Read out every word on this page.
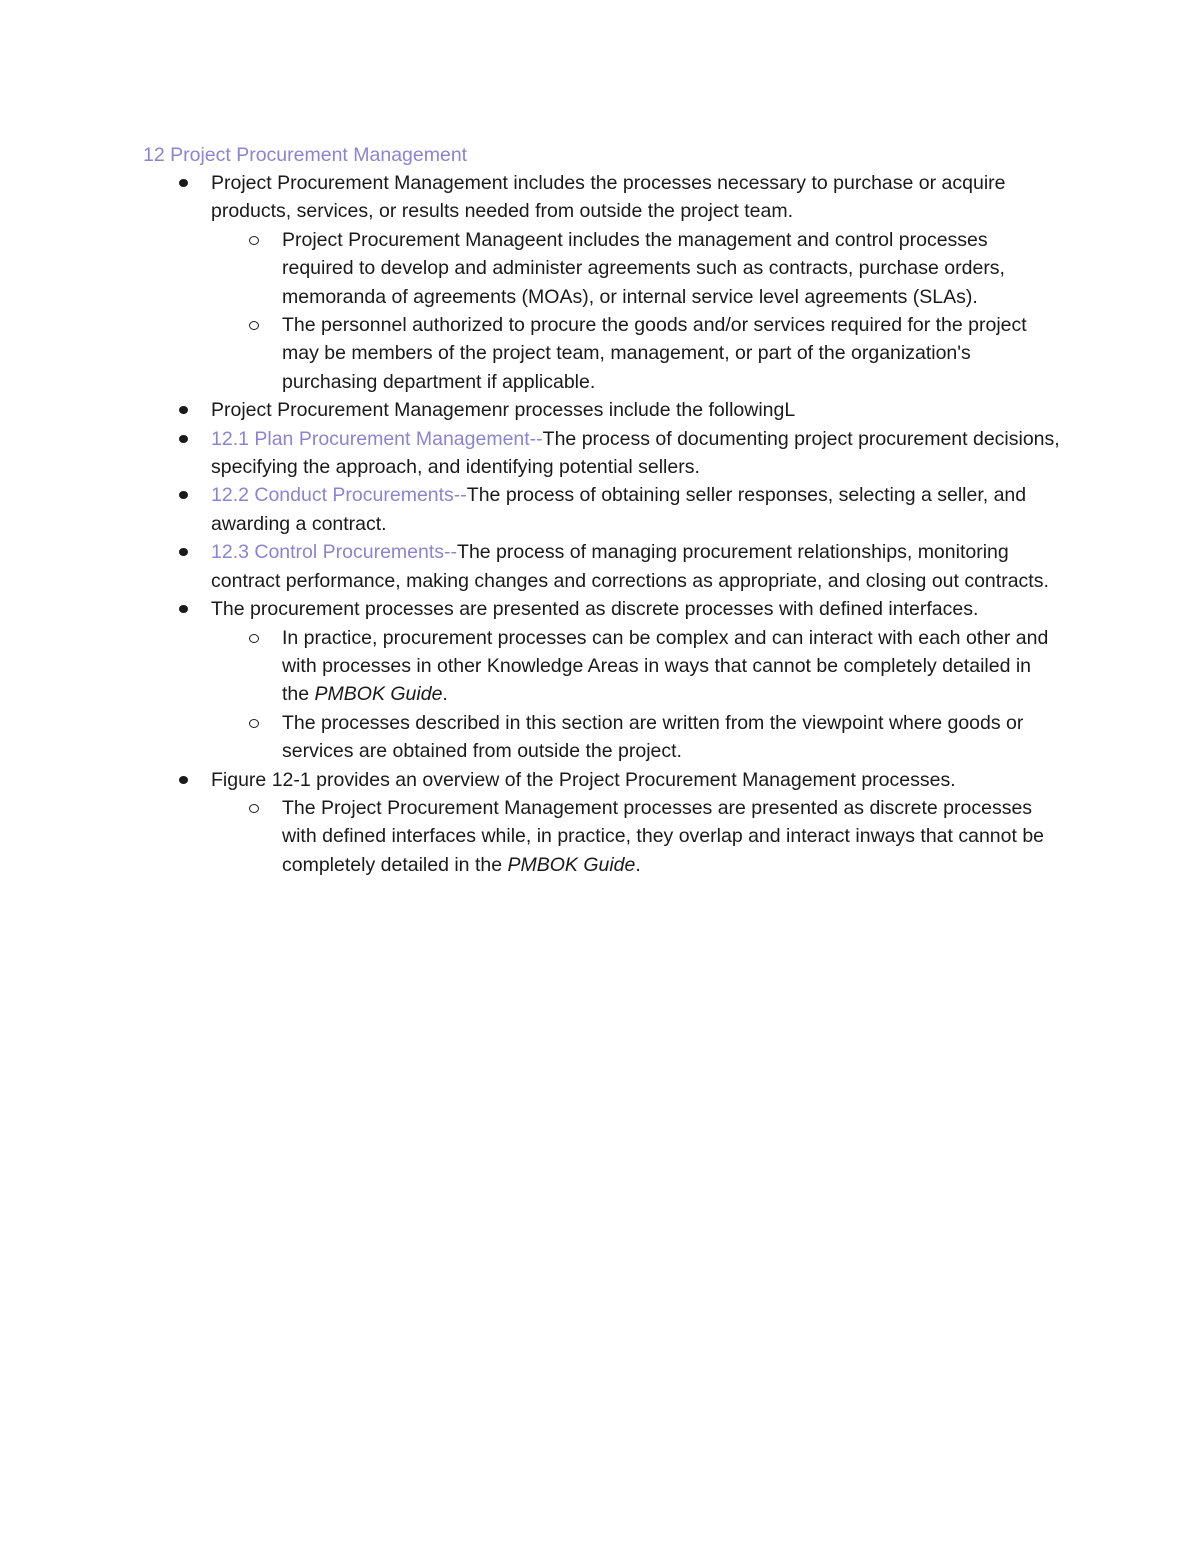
12 Project Procurement Management
Project Procurement Management includes the processes necessary to purchase or acquire products, services, or results needed from outside the project team.
Project Procurement Manageent includes the management and control processes required to develop and administer agreements such as contracts, purchase orders, memoranda of agreements (MOAs), or internal service level agreements (SLAs).
The personnel authorized to procure the goods and/or services required for the project may be members of the project team, management, or part of the organization's purchasing department if applicable.
Project Procurement Managemenr processes include the followingL
12.1 Plan Procurement Management--The process of documenting project procurement decisions, specifying the approach, and identifying potential sellers.
12.2 Conduct Procurements--The process of obtaining seller responses, selecting a seller, and awarding a contract.
12.3 Control Procurements--The process of managing procurement relationships, monitoring contract performance, making changes and corrections as appropriate, and closing out contracts.
The procurement processes are presented as discrete processes with defined interfaces.
In practice, procurement processes can be complex and can interact with each other and with processes in other Knowledge Areas in ways that cannot be completely detailed in the PMBOK Guide.
The processes described in this section are written from the viewpoint where goods or services are obtained from outside the project.
Figure 12-1 provides an overview of the Project Procurement Management processes.
The Project Procurement Management processes are presented as discrete processes with defined interfaces while, in practice, they overlap and interact inways that cannot be completely detailed in the PMBOK Guide.
